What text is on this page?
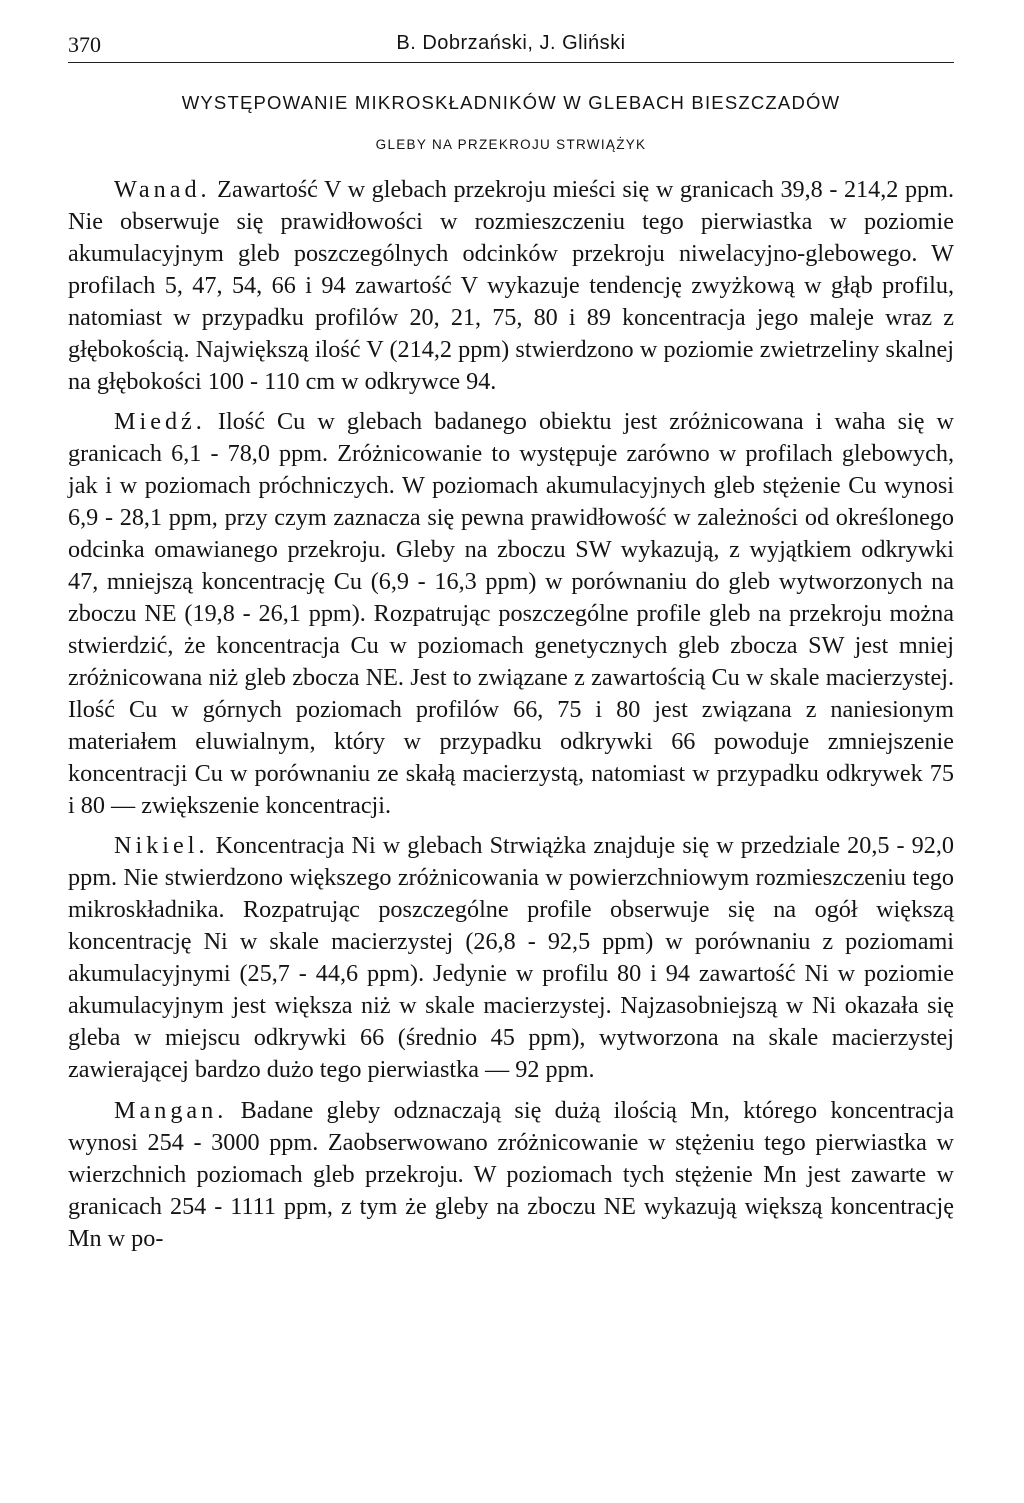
370	B. Dobrzański, J. Gliński
WYSTĘPOWANIE MIKROSKŁADNIKÓW W GLEBACH BIESZCZADÓW
GLEBY NA PRZEKROJU STRWIĄŻYK

Wanad. Zawartość V w glebach przekroju mieści się w granicach 39,8 - 214,2 ppm. Nie obserwuje się prawidłowości w rozmieszczeniu tego pierwiastka w poziomie akumulacyjnym gleb poszczególnych odcinków przekroju niwelacyjno-glebowego. W profilach 5, 47, 54, 66 i 94 zawartość V wykazuje tendencję zwyżkową w głąb profilu, natomiast w przypadku profilów 20, 21, 75, 80 i 89 koncentracja jego maleje wraz z głębokością. Największą ilość V (214,2 ppm) stwierdzono w poziomie zwietrzeliny skalnej na głębokości 100 - 110 cm w odkrywce 94.

Miedź. Ilość Cu w glebach badanego obiektu jest zróżnicowana i waha się w granicach 6,1 - 78,0 ppm. Zróżnicowanie to występuje zarówno w profilach glebowych, jak i w poziomach próchniczych. W poziomach akumulacyjnych gleb stężenie Cu wynosi 6,9 - 28,1 ppm, przy czym zaznacza się pewna prawidłowość w zależności od określonego odcinka omawianego przekroju. Gleby na zboczu SW wykazują, z wyjątkiem odkrywki 47, mniejszą koncentrację Cu (6,9 - 16,3 ppm) w porównaniu do gleb wytworzonych na zboczu NE (19,8 - 26,1 ppm). Rozpatrując poszczególne profile gleb na przekroju można stwierdzić, że koncentracja Cu w poziomach genetycznych gleb zbocza SW jest mniej zróżnicowana niż gleb zbocza NE. Jest to związane z zawartością Cu w skale macierzystej. Ilość Cu w górnych poziomach profilów 66, 75 i 80 jest związana z naniesionym materiałem eluwialnym, który w przypadku odkrywki 66 powoduje zmniejszenie koncentracji Cu w porównaniu ze skałą macierzystą, natomiast w przypadku odkrywek 75 i 80 — zwiększenie koncentracji.

Nikiel. Koncentracja Ni w glebach Strwiążka znajduje się w przedziale 20,5 - 92,0 ppm. Nie stwierdzono większego zróżnicowania w powierzchniowym rozmieszczeniu tego mikroskładnika. Rozpatrując poszczególne profile obserwuje się na ogół większą koncentrację Ni w skale macierzystej (26,8 - 92,5 ppm) w porównaniu z poziomami akumulacyjnymi (25,7 - 44,6 ppm). Jedynie w profilu 80 i 94 zawartość Ni w poziomie akumulacyjnym jest większa niż w skale macierzystej. Najzasobniejszą w Ni okazała się gleba w miejscu odkrywki 66 (średnio 45 ppm), wytworzona na skale macierzystej zawierającej bardzo dużo tego pierwiastka — 92 ppm.

Mangan. Badane gleby odznaczają się dużą ilością Mn, którego koncentracja wynosi 254 - 3000 ppm. Zaobserwowano zróżnicowanie w stężeniu tego pierwiastka w wierzchnich poziomach gleb przekroju. W poziomach tych stężenie Mn jest zawarte w granicach 254 - 1111 ppm, z tym że gleby na zboczu NE wykazują większą koncentrację Mn w po-
